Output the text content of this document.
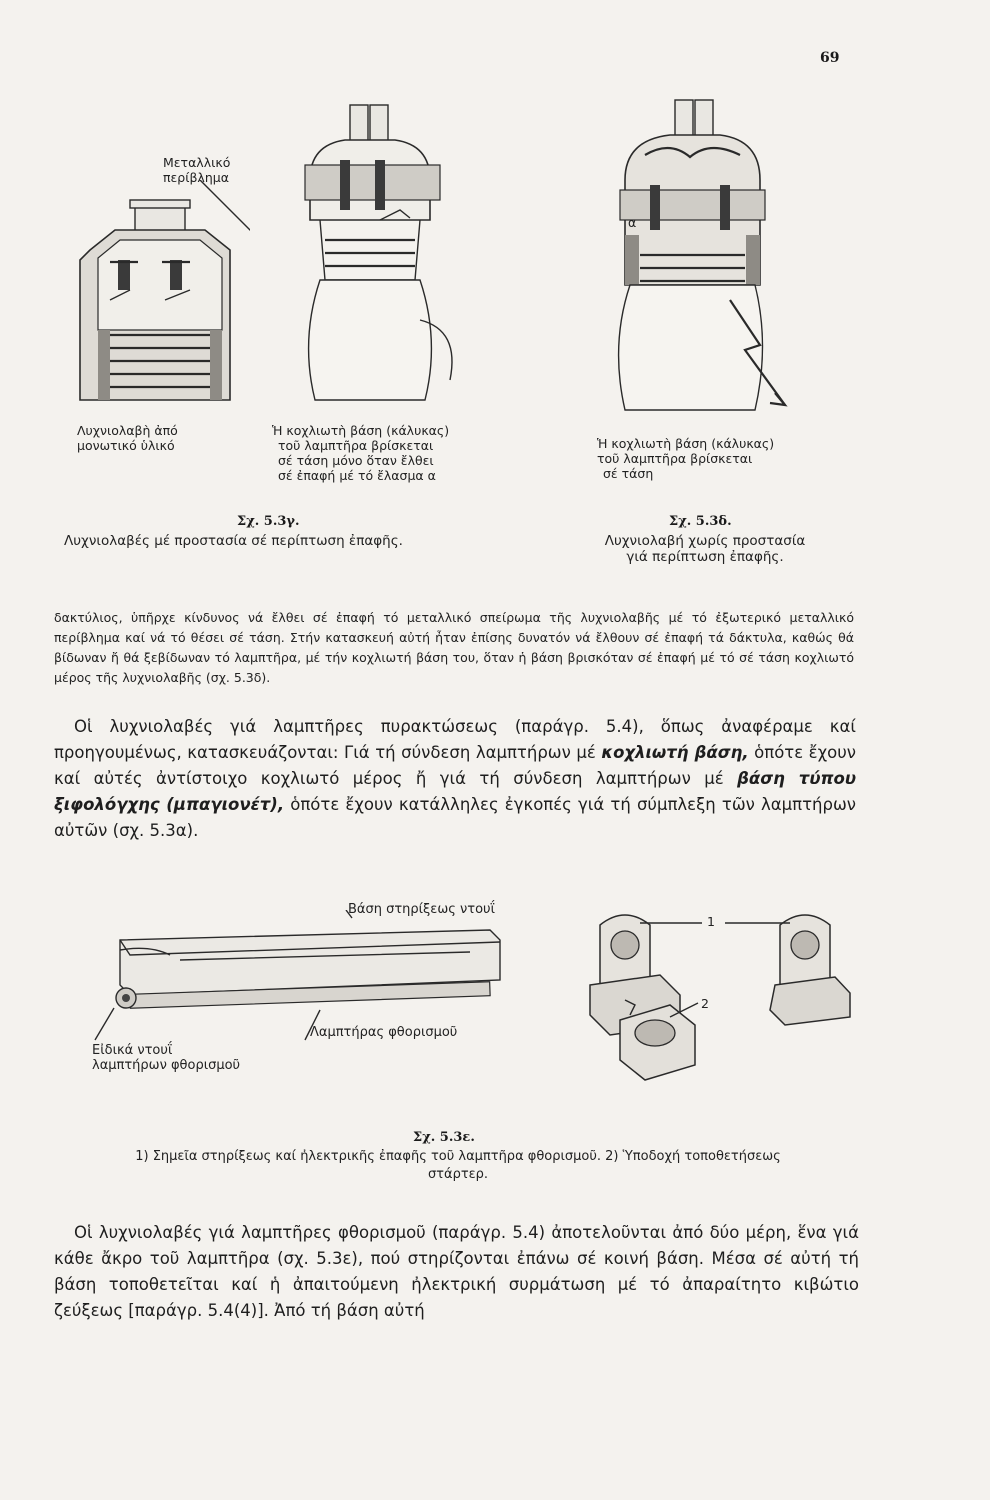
69
Μεταλλικό
περίβλημα
Λυχνιολαβὴ ἀπό
μονωτικό ὑλικό
Ἡ κοχλιωτὴ βάση (κάλυκας)
τοῦ λαμπτῆρα βρίσκεται
σέ τάση μόνο ὅταν ἔλθει
σέ ἐπαφή μέ τό ἔλασμα α
Ἡ κοχλιωτὴ βάση (κάλυκας)
τοῦ λαμπτῆρα βρίσκεται
σέ τάση
α
Σχ. 5.3γ.
Λυχνιολαβές μέ προστασία σέ περίπτωση ἐπαφῆς.
Σχ. 5.3δ.
Λυχνιολαβή χωρίς προστασία
γιά περίπτωση ἐπαφῆς.
δακτύλιος, ὑπῆρχε κίνδυνος νά ἔλθει σέ ἐπαφή τό μεταλλικό σπείρωμα τῆς λυχνιολαβῆς μέ τό ἐξωτερικό μεταλλικό περίβλημα καί νά τό θέσει σέ τάση. Στήν κατασκευή αὐτή ἦταν ἐπίσης δυνατόν νά ἔλθουν σέ ἐπαφή τά δάκτυλα, καθώς θά βίδωναν ἤ θά ξεβίδωναν τό λαμπτῆρα, μέ τήν κοχλιωτή βάση του, ὅταν ἡ βάση βρισκόταν σέ ἐπαφή μέ τό σέ τάση κοχλιωτό μέρος τῆς λυχνιολαβῆς (σχ. 5.3δ).
Οἱ λυχνιολαβές γιά λαμπτῆρες πυρακτώσεως (παράγρ. 5.4), ὅπως ἀναφέραμε καί προηγουμένως, κατασκευάζονται: Γιά τή σύνδεση λαμπτήρων μέ κοχλιωτή βάση, ὁπότε ἔχουν καί αὐτές ἀντίστοιχο κοχλιωτό μέρος ἤ γιά τή σύνδεση λαμπτήρων μέ βάση τύπου ξιφολόγχης (μπαγιονέτ), ὁπότε ἔχουν κατάλληλες ἐγκοπές γιά τή σύμπλεξη τῶν λαμπτήρων αὐτῶν (σχ. 5.3α).
Βάση στηρίξεως ντουΐ
Λαμπτήρας φθορισμοῦ
Εἰδικά ντουΐ
λαμπτήρων φθορισμοῦ
1
2
Σχ. 5.3ε.
1) Σημεῖα στηρίξεως καί ἠλεκτρικῆς ἐπαφῆς τοῦ λαμπτῆρα φθορισμοῦ. 2) Ὑποδοχή τοποθετήσεως
στάρτερ.
Οἱ λυχνιολαβές γιά λαμπτῆρες φθορισμοῦ (παράγρ. 5.4) ἀποτελοῦνται ἀπό δύο μέρη, ἕνα γιά κάθε ἄκρο τοῦ λαμπτῆρα (σχ. 5.3ε), πού στηρίζονται ἐπάνω σέ κοινή βάση. Μέσα σέ αὐτή τή βάση τοποθετεῖται καί ἡ ἀπαιτούμενη ἠλεκτρική συρμάτωση μέ τό ἀπαραίτητο κιβώτιο ζεύξεως [παράγρ. 5.4(4)]. Ἀπό τή βάση αὐτή
